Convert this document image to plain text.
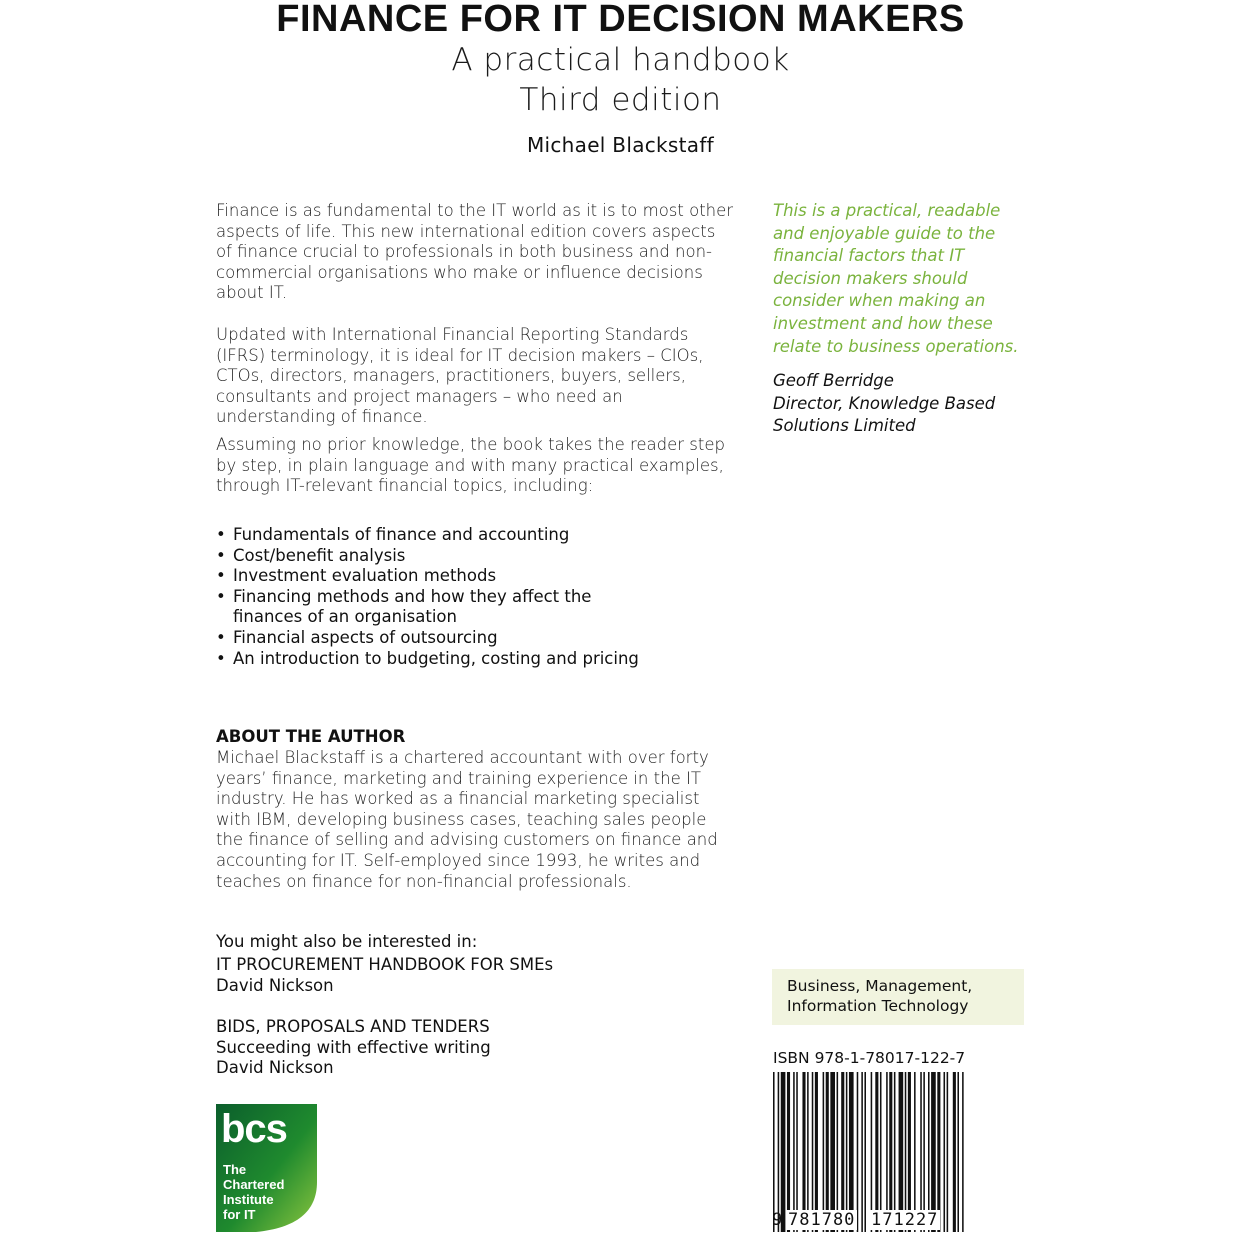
FINANCE FOR IT DECISION MAKERS
A practical handbook
Third edition
Michael Blackstaff

Finance is as fundamental to the IT world as it is to most other aspects of life. This new international edition covers aspects of finance crucial to professionals in both business and non-commercial organisations who make or influence decisions about IT.

Updated with International Financial Reporting Standards (IFRS) terminology, it is ideal for IT decision makers – CIOs, CTOs, directors, managers, practitioners, buyers, sellers, consultants and project managers – who need an understanding of finance.

Assuming no prior knowledge, the book takes the reader step by step, in plain language and with many practical examples, through IT-relevant financial topics, including:

• Fundamentals of finance and accounting
• Cost/benefit analysis
• Investment evaluation methods
• Financing methods and how they affect the finances of an organisation
• Financial aspects of outsourcing
• An introduction to budgeting, costing and pricing
ABOUT THE AUTHOR

Michael Blackstaff is a chartered accountant with over forty years’ finance, marketing and training experience in the IT industry. He has worked as a financial marketing specialist with IBM, developing business cases, teaching sales people the finance of selling and advising customers on finance and accounting for IT. Self-employed since 1993, he writes and teaches on finance for non-financial professionals.

You might also be interested in:
IT PROCUREMENT HANDBOOK FOR SMEs
David Nickson
BIDS, PROPOSALS AND TENDERS
Succeeding with effective writing
David Nickson

This is a practical, readable and enjoyable guide to the financial factors that IT decision makers should consider when making an investment and how these relate to business operations.

Geoff Berridge
Director, Knowledge Based
Solutions Limited
Business, Management,
Information Technology
ISBN 978-1-78017-122-7
9 781780 171227
bcs
The
Chartered
Institute
for IT
